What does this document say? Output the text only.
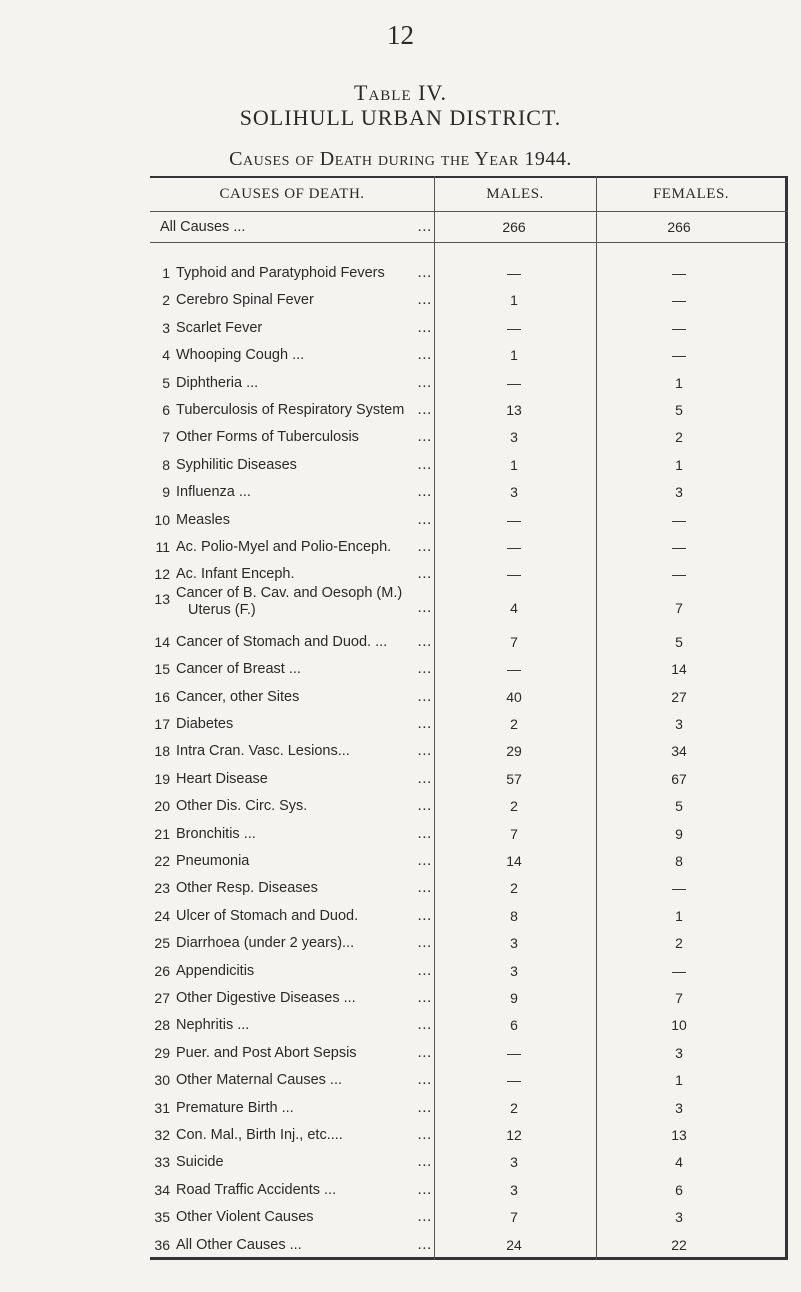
12
Table IV.
SOLIHULL URBAN DISTRICT.
Causes of Death during the Year 1944.
CAUSES OF DEATH.	MALES.	FEMALES.
All Causes ...	...	266	266
1 Typhoid and Paratyphoid Fevers	...	—	—
2 Cerebro Spinal Fever	...	1	—
3 Scarlet Fever	...	—	—
4 Whooping Cough ...	...	1	—
5 Diphtheria ...	...	—	1
6 Tuberculosis of Respiratory System ...	13	5
7 Other Forms of Tuberculosis	...	3	2
8 Syphilitic Diseases	...	1	1
9 Influenza ...	...	3	3
10 Measles	...	—	—
11 Ac. Polio-Myel and Polio-Enceph.	...	—	—
12 Ac. Infant Enceph.	...	—	—
13 Cancer of B. Cav. and Oesoph (M.)
Uterus (F.)	...	4	7
14 Cancer of Stomach and Duod. ...	...	7	5
15 Cancer of Breast ...	...	—	14
16 Cancer, other Sites	...	40	27
17 Diabetes	...	2	3
18 Intra Cran. Vasc. Lesions...	...	29	34
19 Heart Disease	...	57	67
20 Other Dis. Circ. Sys.	...	2	5
21 Bronchitis ...	...	7	9
22 Pneumonia	...	14	8
23 Other Resp. Diseases	...	2	—
24 Ulcer of Stomach and Duod.	...	8	1
25 Diarrhoea (under 2 years)...	...	3	2
26 Appendicitis	...	3	—
27 Other Digestive Diseases ...	...	9	7
28 Nephritis ...	...	6	10
29 Puer. and Post Abort Sepsis	...	—	3
30 Other Maternal Causes ...	...	—	1
31 Premature Birth ...	...	2	3
32 Con. Mal., Birth Inj., etc....	...	12	13
33 Suicide	...	3	4
34 Road Traffic Accidents ...	...	3	6
35 Other Violent Causes	...	7	3
36 All Other Causes ...	...	24	22
